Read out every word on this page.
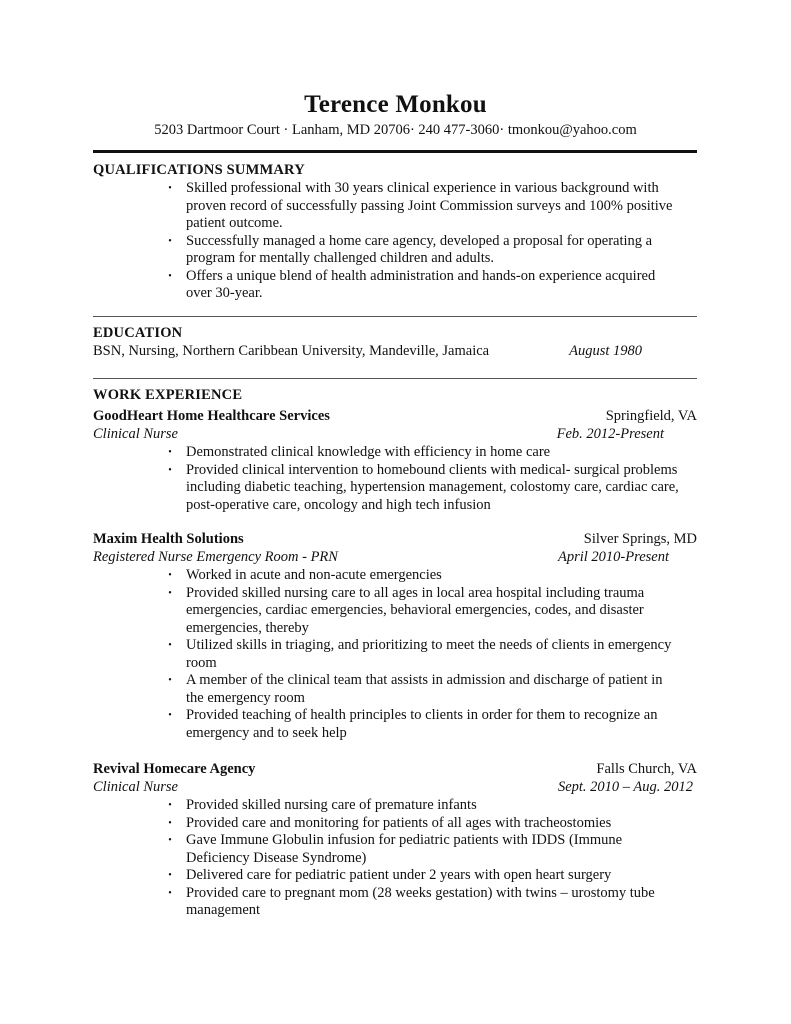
Terence Monkou
5203 Dartmoor Court · Lanham, MD 20706· 240 477-3060· tmonkou@yahoo.com
QUALIFICATIONS SUMMARY
• Skilled professional with 30 years clinical experience in various background with
proven record of successfully passing Joint Commission surveys and 100% positive
patient outcome.
• Successfully managed a home care agency, developed a proposal for operating a
program for mentally challenged children and adults.
• Offers a unique blend of health administration and hands-on experience acquired
over 30-year.
EDUCATION
BSN, Nursing, Northern Caribbean University, Mandeville, Jamaica	August 1980
WORK EXPERIENCE
GoodHeart Home Healthcare Services	Springfield, VA
Clinical Nurse	Feb. 2012-Present
• Demonstrated clinical knowledge with efficiency in home care
• Provided clinical intervention to homebound clients with medical- surgical problems
including diabetic teaching, hypertension management, colostomy care, cardiac care,
post-operative care, oncology and high tech infusion
Maxim Health Solutions	Silver Springs, MD
Registered Nurse Emergency Room - PRN	April 2010-Present
• Worked in acute and non-acute emergencies
• Provided skilled nursing care to all ages in local area hospital including trauma
emergencies, cardiac emergencies, behavioral emergencies, codes, and disaster
emergencies, thereby
• Utilized skills in triaging, and prioritizing to meet the needs of clients in emergency
room
• A member of the clinical team that assists in admission and discharge of patient in
the emergency room
• Provided teaching of health principles to clients in order for them to recognize an
emergency and to seek help
Revival Homecare Agency	Falls Church, VA
Clinical Nurse	Sept. 2010 – Aug. 2012
• Provided skilled nursing care of premature infants
• Provided care and monitoring for patients of all ages with tracheostomies
• Gave Immune Globulin infusion for pediatric patients with IDDS (Immune
Deficiency Disease Syndrome)
• Delivered care for pediatric patient under 2 years with open heart surgery
• Provided care to pregnant mom (28 weeks gestation) with twins – urostomy tube
management
